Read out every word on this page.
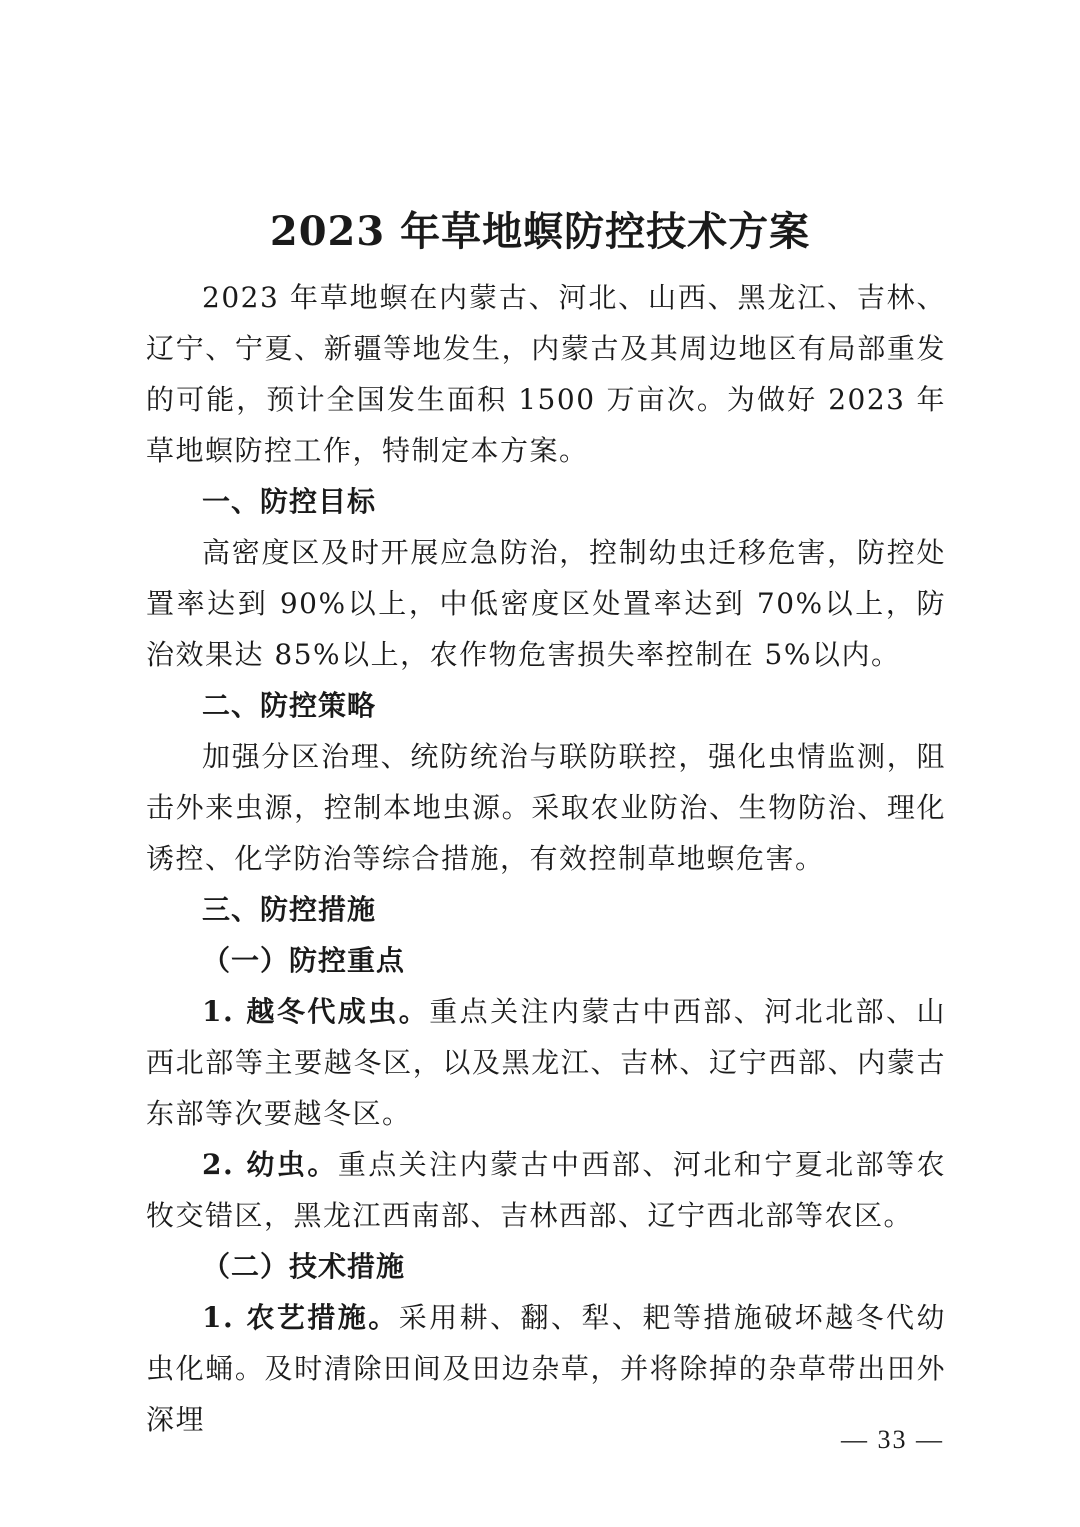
2023 年草地螟防控技术方案

2023 年草地螟在内蒙古、河北、山西、黑龙江、吉林、辽宁、宁夏、新疆等地发生，内蒙古及其周边地区有局部重发的可能，预计全国发生面积 1500 万亩次。为做好 2023 年草地螟防控工作，特制定本方案。

一、防控目标

高密度区及时开展应急防治，控制幼虫迁移危害，防控处置率达到 90%以上，中低密度区处置率达到 70%以上，防治效果达 85%以上，农作物危害损失率控制在 5%以内。

二、防控策略

加强分区治理、统防统治与联防联控，强化虫情监测，阻击外来虫源，控制本地虫源。采取农业防治、生物防治、理化诱控、化学防治等综合措施，有效控制草地螟危害。

三、防控措施

（一）防控重点

1. 越冬代成虫。重点关注内蒙古中西部、河北北部、山西北部等主要越冬区，以及黑龙江、吉林、辽宁西部、内蒙古东部等次要越冬区。

2. 幼虫。重点关注内蒙古中西部、河北和宁夏北部等农牧交错区，黑龙江西南部、吉林西部、辽宁西北部等农区。

（二）技术措施

1. 农艺措施。采用耕、翻、犁、耙等措施破坏越冬代幼虫化蛹。及时清除田间及田边杂草，并将除掉的杂草带出田外深埋

— 33 —
